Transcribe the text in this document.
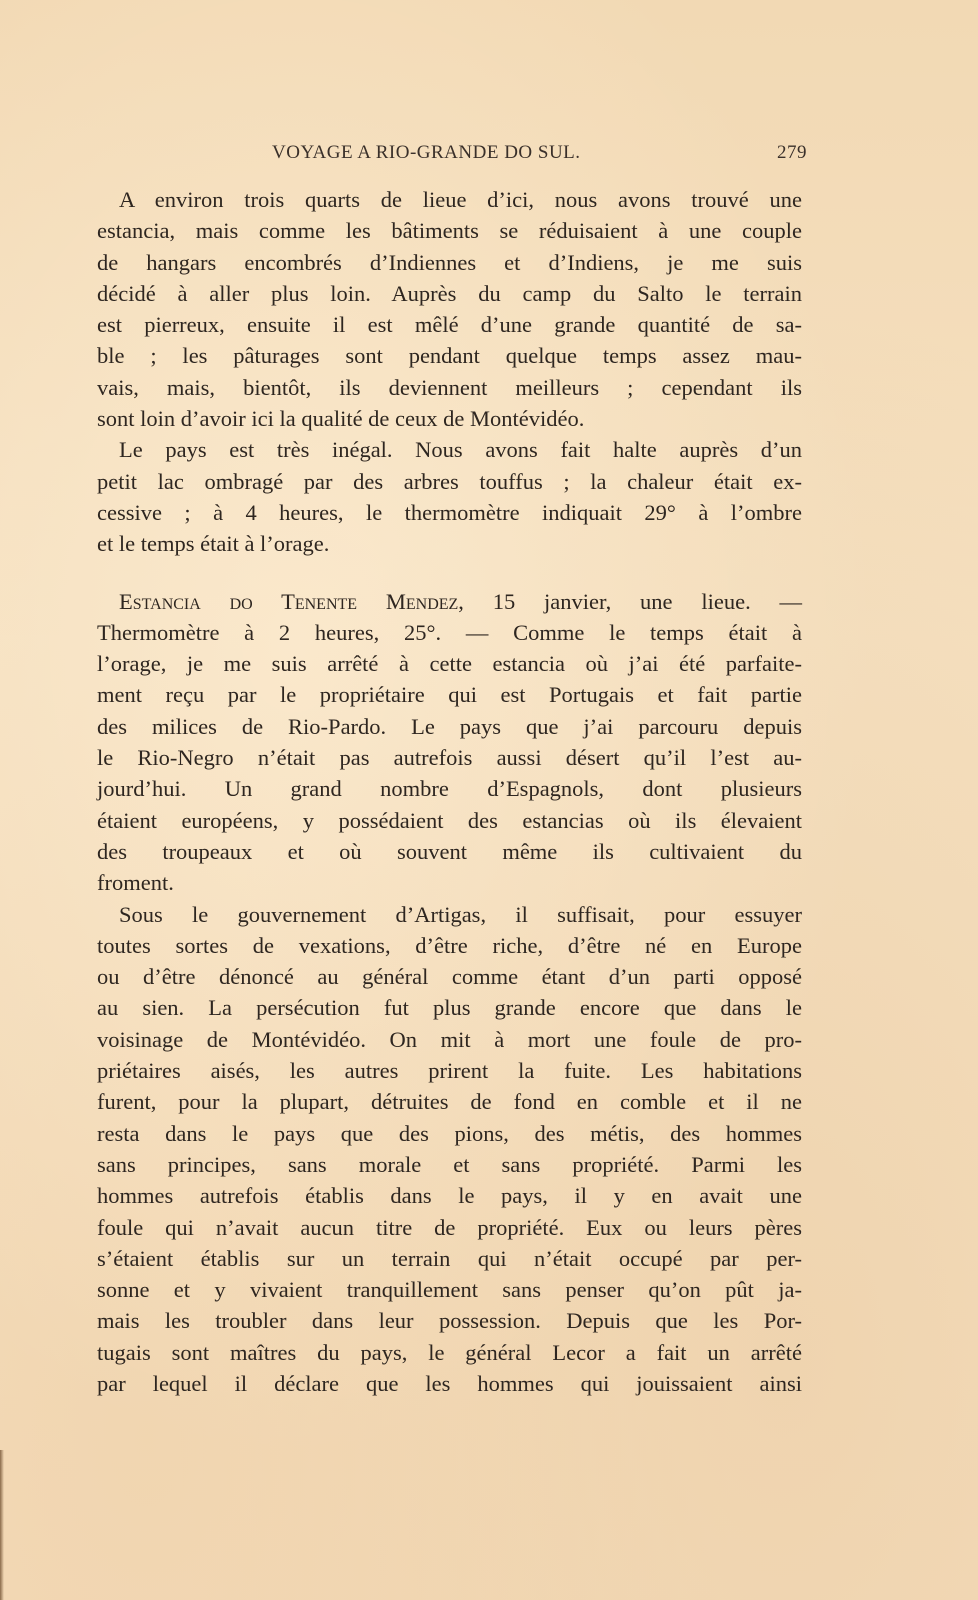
VOYAGE A RIO-GRANDE DO SUL.	279
A environ trois quarts de lieue d’ici, nous avons trouvé une
estancia, mais comme les bâtiments se réduisaient à une couple
de hangars encombrés d’Indiennes et d’Indiens, je me suis
décidé à aller plus loin. Auprès du camp du Salto le terrain
est pierreux, ensuite il est mêlé d’une grande quantité de sa-
ble ; les pâturages sont pendant quelque temps assez mau-
vais, mais, bientôt, ils deviennent meilleurs ; cependant ils
sont loin d’avoir ici la qualité de ceux de Montévidéo.
Le pays est très inégal. Nous avons fait halte auprès d’un
petit lac ombragé par des arbres touffus ; la chaleur était ex-
cessive ; à 4 heures, le thermomètre indiquait 29° à l’ombre
et le temps était à l’orage.
Estancia do Tenente Mendez, 15 janvier, une lieue. —
Thermomètre à 2 heures, 25°. — Comme le temps était à
l’orage, je me suis arrêté à cette estancia où j’ai été parfaite-
ment reçu par le propriétaire qui est Portugais et fait partie
des milices de Rio-Pardo. Le pays que j’ai parcouru depuis
le Rio-Negro n’était pas autrefois aussi désert qu’il l’est au-
jourd’hui. Un grand nombre d’Espagnols, dont plusieurs
étaient européens, y possédaient des estancias où ils élevaient
des troupeaux et où souvent même ils cultivaient du
froment.
Sous le gouvernement d’Artigas, il suffisait, pour essuyer
toutes sortes de vexations, d’être riche, d’être né en Europe
ou d’être dénoncé au général comme étant d’un parti opposé
au sien. La persécution fut plus grande encore que dans le
voisinage de Montévidéo. On mit à mort une foule de pro-
priétaires aisés, les autres prirent la fuite. Les habitations
furent, pour la plupart, détruites de fond en comble et il ne
resta dans le pays que des pions, des métis, des hommes
sans principes, sans morale et sans propriété. Parmi les
hommes autrefois établis dans le pays, il y en avait une
foule qui n’avait aucun titre de propriété. Eux ou leurs pères
s’étaient établis sur un terrain qui n’était occupé par per-
sonne et y vivaient tranquillement sans penser qu’on pût ja-
mais les troubler dans leur possession. Depuis que les Por-
tugais sont maîtres du pays, le général Lecor a fait un arrêté
par lequel il déclare que les hommes qui jouissaient ainsi
